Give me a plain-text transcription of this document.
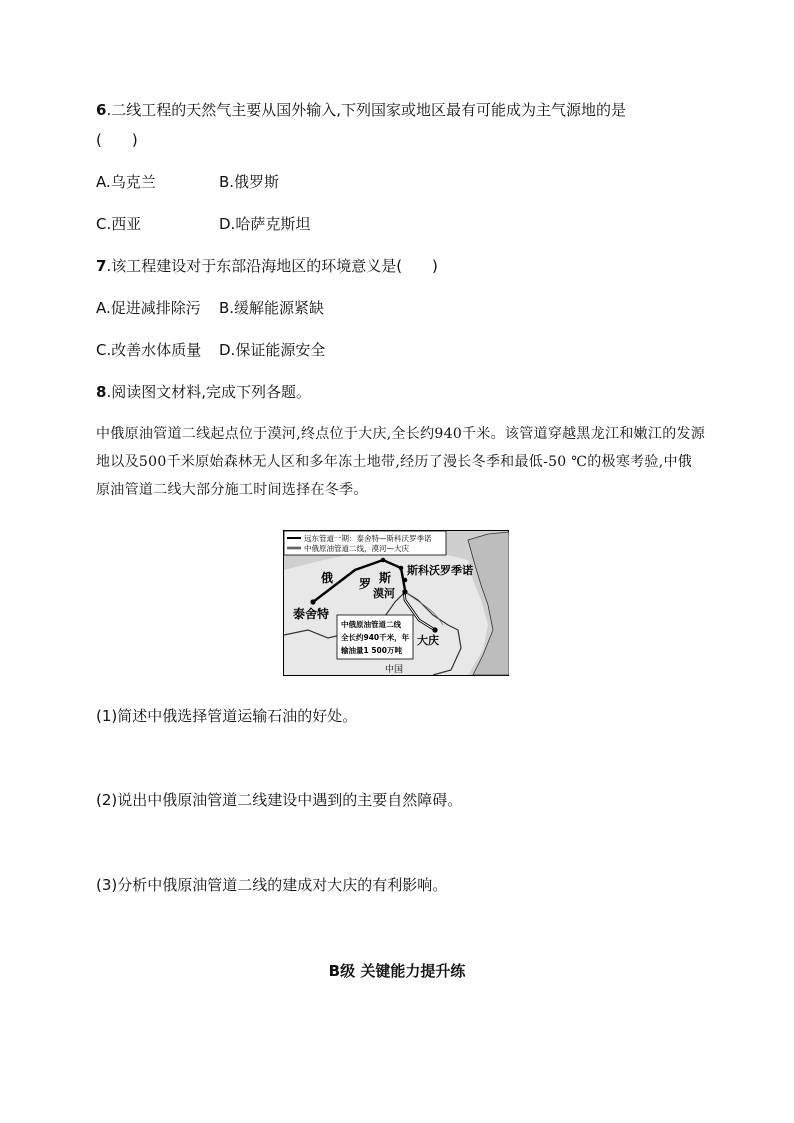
6.二线工程的天然气主要从国外输入,下列国家或地区最有可能成为主气源地的是
(　　)
A.乌克兰	B.俄罗斯
C.西亚	D.哈萨克斯坦
7.该工程建设对于东部沿海地区的环境意义是(　　)
A.促进减排除污 B.缓解能源紧缺
C.改善水体质量 D.保证能源安全
8.阅读图文材料,完成下列各题。

中俄原油管道二线起点位于漠河,终点位于大庆,全长约940千米。该管道穿越黑龙江和嫩江的发源地以及500千米原始森林无人区和多年冻土地带,经历了漫长冬季和最低-50 ℃的极寒考验,中俄原油管道二线大部分施工时间选择在冬季。

远东管道一期：泰舍特—斯科沃罗季诺
中俄原油管道二线，漠河—大庆
俄 罗 斯
斯科沃罗季诺
漠河
泰舍特
大庆
中国
中俄原油管道二线
全长约940千米，年
输油量1 500万吨
(1)简述中俄选择管道运输石油的好处。
(2)说出中俄原油管道二线建设中遇到的主要自然障碍。
(3)分析中俄原油管道二线的建成对大庆的有利影响。
B级 关键能力提升练
